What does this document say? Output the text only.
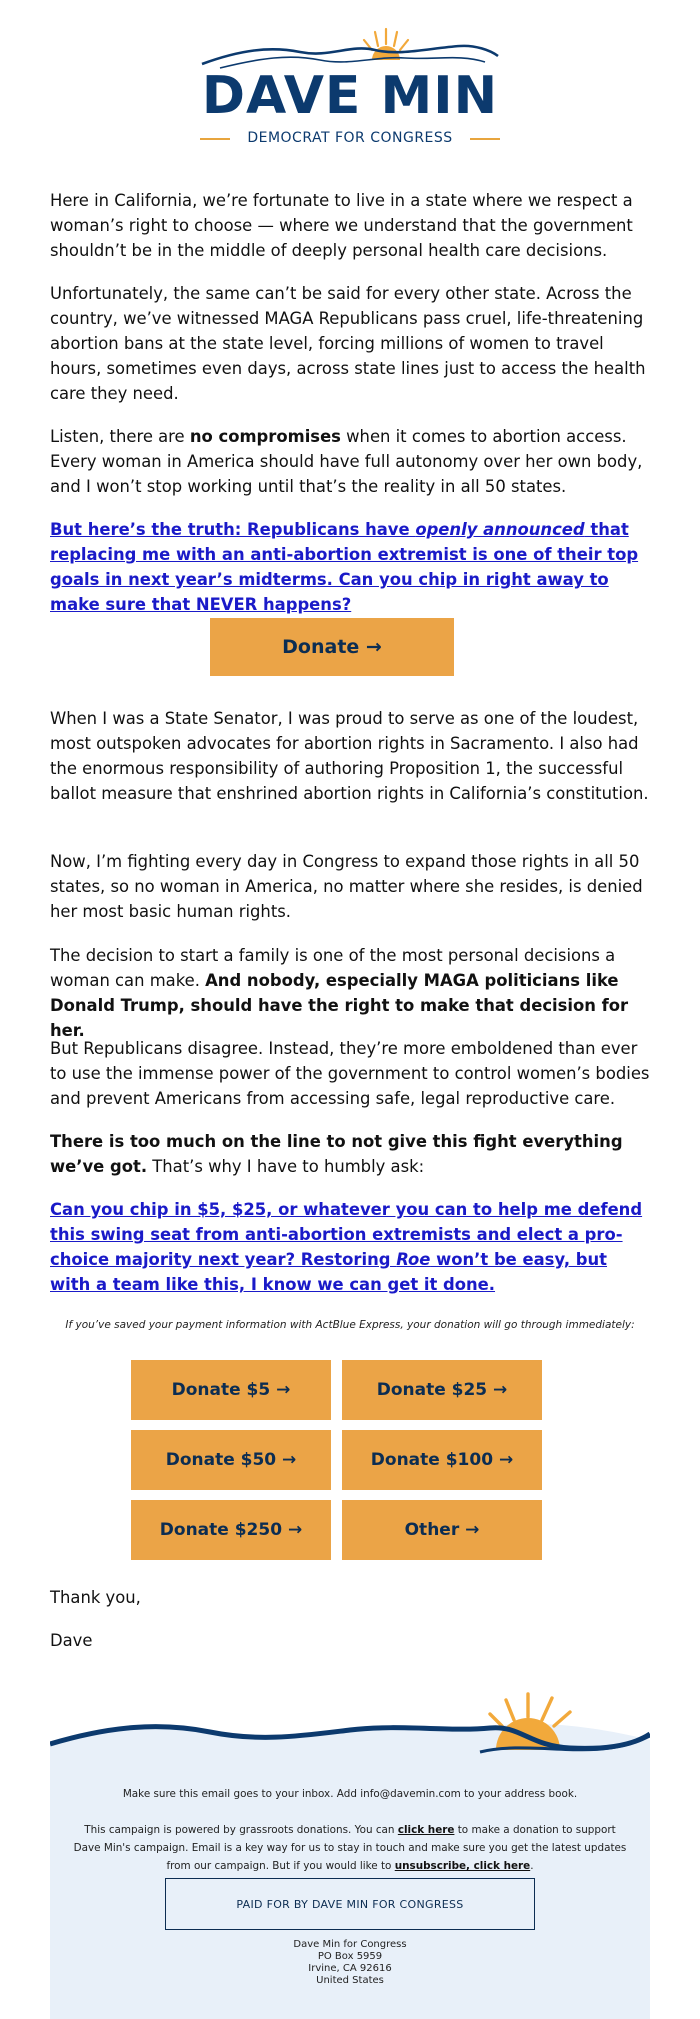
DAVE MIN
DEMOCRAT FOR CONGRESS
Here in California, we’re fortunate to live in a state where we respect a woman’s right to choose — where we understand that the government shouldn’t be in the middle of deeply personal health care decisions.
Unfortunately, the same can’t be said for every other state. Across the country, we’ve witnessed MAGA Republicans pass cruel, life-threatening abortion bans at the state level, forcing millions of women to travel hours, sometimes even days, across state lines just to access the health care they need.
Listen, there are no compromises when it comes to abortion access. Every woman in America should have full autonomy over her own body, and I won’t stop working until that’s the reality in all 50 states.
But here’s the truth: Republicans have openly announced that replacing me with an anti-abortion extremist is one of their top goals in next year’s midterms. Can you chip in right away to make sure that NEVER happens?
Donate →
When I was a State Senator, I was proud to serve as one of the loudest, most outspoken advocates for abortion rights in Sacramento. I also had the enormous responsibility of authoring Proposition 1, the successful ballot measure that enshrined abortion rights in California’s constitution.
Now, I’m fighting every day in Congress to expand those rights in all 50 states, so no woman in America, no matter where she resides, is denied her most basic human rights.
The decision to start a family is one of the most personal decisions a woman can make. And nobody, especially MAGA politicians like Donald Trump, should have the right to make that decision for her.
But Republicans disagree. Instead, they’re more emboldened than ever to use the immense power of the government to control women’s bodies and prevent Americans from accessing safe, legal reproductive care.
There is too much on the line to not give this fight everything we’ve got. That’s why I have to humbly ask:
Can you chip in $5, $25, or whatever you can to help me defend this swing seat from anti-abortion extremists and elect a pro-choice majority next year? Restoring Roe won’t be easy, but with a team like this, I know we can get it done.
If you’ve saved your payment information with ActBlue Express, your donation will go through immediately:
Donate $5 →	Donate $25 →
Donate $50 →	Donate $100 →
Donate $250 →	Other →
Thank you,
Dave
Make sure this email goes to your inbox. Add info@davemin.com to your address book.
This campaign is powered by grassroots donations. You can click here to make a donation to support Dave Min's campaign. Email is a key way for us to stay in touch and make sure you get the latest updates from our campaign. But if you would like to unsubscribe, click here.
PAID FOR BY DAVE MIN FOR CONGRESS
Dave Min for Congress
PO Box 5959
Irvine, CA 92616
United States
